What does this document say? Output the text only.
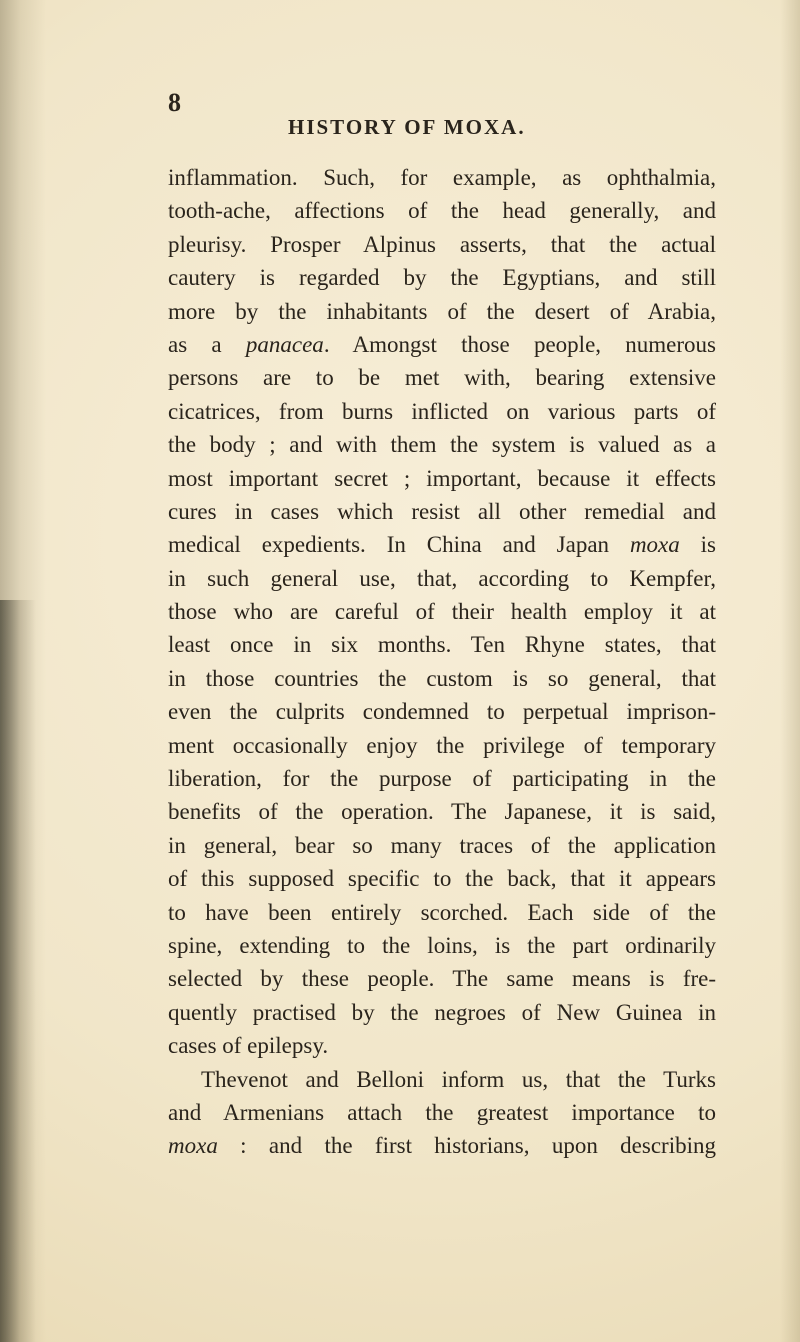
8

HISTORY OF MOXA.

inflammation. Such, for example, as ophthalmia,
tooth-ache, affections of the head generally, and
pleurisy. Prosper Alpinus asserts, that the actual
cautery is regarded by the Egyptians, and still
more by the inhabitants of the desert of Arabia,
as a panacea. Amongst those people, numerous
persons are to be met with, bearing extensive
cicatrices, from burns inflicted on various parts of
the body ; and with them the system is valued as a
most important secret ; important, because it effects
cures in cases which resist all other remedial and
medical expedients. In China and Japan moxa is
in such general use, that, according to Kempfer,
those who are careful of their health employ it at
least once in six months. Ten Rhyne states, that
in those countries the custom is so general, that
even the culprits condemned to perpetual imprison-
ment occasionally enjoy the privilege of temporary
liberation, for the purpose of participating in the
benefits of the operation. The Japanese, it is said,
in general, bear so many traces of the application
of this supposed specific to the back, that it appears
to have been entirely scorched. Each side of the
spine, extending to the loins, is the part ordinarily
selected by these people. The same means is fre-
quently practised by the negroes of New Guinea in
cases of epilepsy.
Thevenot and Belloni inform us, that the Turks
and Armenians attach the greatest importance to
moxa : and the first historians, upon describing
